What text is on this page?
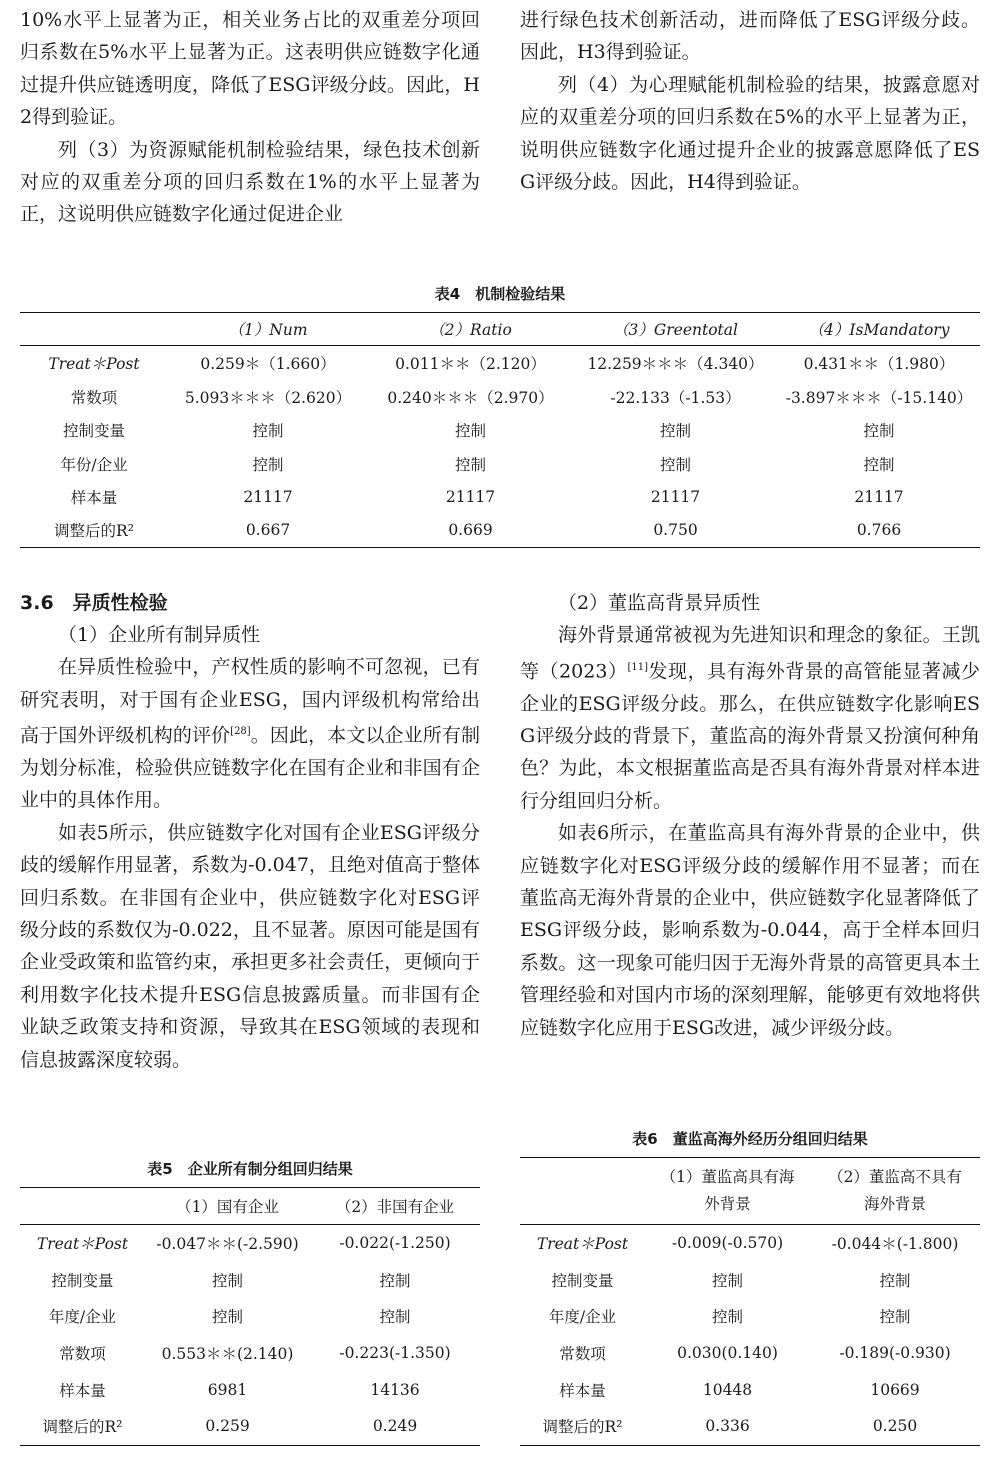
10%水平上显著为正，相关业务占比的双重差分项回归系数在5%水平上显著为正。这表明供应链数字化通过提升供应链透明度，降低了ESG评级分歧。因此，H2得到验证。

列（3）为资源赋能机制检验结果，绿色技术创新对应的双重差分项的回归系数在1%的水平上显著为正，这说明供应链数字化通过促进企业

进行绿色技术创新活动，进而降低了ESG评级分歧。因此，H3得到验证。

列（4）为心理赋能机制检验的结果，披露意愿对应的双重差分项的回归系数在5%的水平上显著为正，说明供应链数字化通过提升企业的披露意愿降低了ESG评级分歧。因此，H4得到验证。

表4　机制检验结果
	（1）Num	（2）Ratio	（3）Greentotal	（4）IsMandatory
Treat＊Post	0.259＊（1.660）	0.011＊＊（2.120）	12.259＊＊＊（4.340）	0.431＊＊（1.980）
常数项	5.093＊＊＊（2.620）	0.240＊＊＊（2.970）	-22.133（-1.53）	-3.897＊＊＊（-15.140）
控制变量	控制	控制	控制	控制
年份/企业	控制	控制	控制	控制
样本量	21117	21117	21117	21117
调整后的R²	0.667	0.669	0.750	0.766

3.6　异质性检验

（1）企业所有制异质性

在异质性检验中，产权性质的影响不可忽视，已有研究表明，对于国有企业ESG，国内评级机构常给出高于国外评级机构的评价[28]。因此，本文以企业所有制为划分标准，检验供应链数字化在国有企业和非国有企业中的具体作用。

如表5所示，供应链数字化对国有企业ESG评级分歧的缓解作用显著，系数为-0.047，且绝对值高于整体回归系数。在非国有企业中，供应链数字化对ESG评级分歧的系数仅为-0.022，且不显著。原因可能是国有企业受政策和监管约束，承担更多社会责任，更倾向于利用数字化技术提升ESG信息披露质量。而非国有企业缺乏政策支持和资源，导致其在ESG领域的表现和信息披露深度较弱。

（2）董监高背景异质性

海外背景通常被视为先进知识和理念的象征。王凯等（2023）[11]发现，具有海外背景的高管能显著减少企业的ESG评级分歧。那么，在供应链数字化影响ESG评级分歧的背景下，董监高的海外背景又扮演何种角色？为此，本文根据董监高是否具有海外背景对样本进行分组回归分析。

如表6所示，在董监高具有海外背景的企业中，供应链数字化对ESG评级分歧的缓解作用不显著；而在董监高无海外背景的企业中，供应链数字化显著降低了ESG评级分歧，影响系数为-0.044，高于全样本回归系数。这一现象可能归因于无海外背景的高管更具本土管理经验和对国内市场的深刻理解，能够更有效地将供应链数字化应用于ESG改进，减少评级分歧。

表5　企业所有制分组回归结果
	（1）国有企业	（2）非国有企业
Treat＊Post	-0.047＊＊(-2.590)	-0.022(-1.250)
控制变量	控制	控制
年度/企业	控制	控制
常数项	0.553＊＊(2.140)	-0.223(-1.350)
样本量	6981	14136
调整后的R²	0.259	0.249
表6　董监高海外经历分组回归结果
	（1）董监高具有海外背景	（2）董监高不具有海外背景
Treat＊Post	-0.009(-0.570)	-0.044＊(-1.800)
控制变量	控制	控制
年度/企业	控制	控制
常数项	0.030(0.140)	-0.189(-0.930)
样本量	10448	10669
调整后的R²	0.336	0.250
